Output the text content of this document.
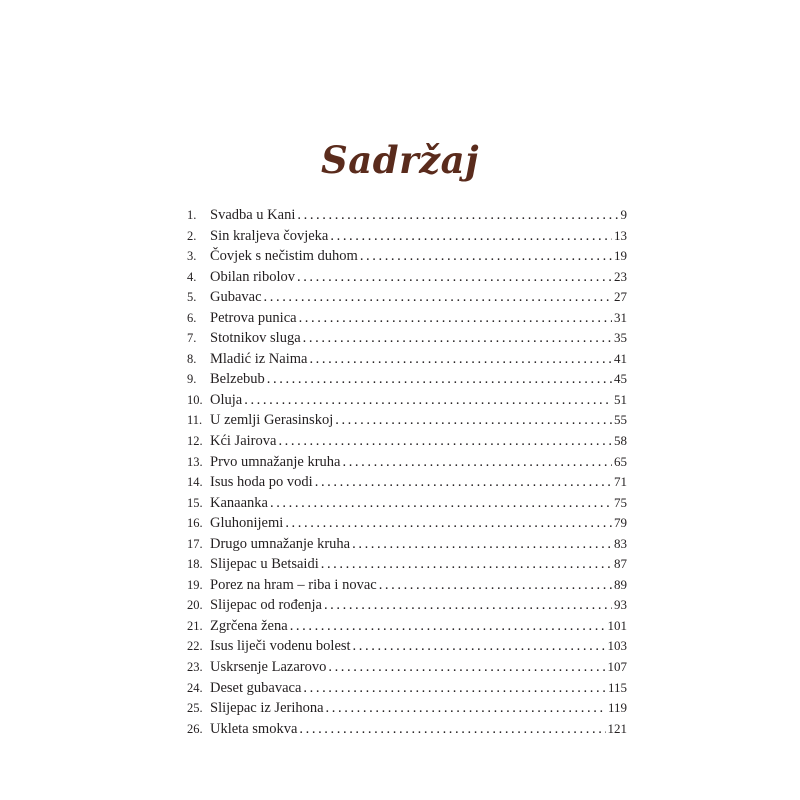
Sadržaj
1. Svadba u Kani .....	9
2. Sin kraljeva čovjeka .....	13
3. Čovjek s nečistim duhom .....	19
4. Obilan ribolov .....	23
5. Gubavac .....	27
6. Petrova punica .....	31
7. Stotnikov sluga .....	35
8. Mladić iz Naima .....	41
9. Belzebub .....	45
10. Oluja .....	51
11. U zemlji Gerasinskoj .....	55
12. Kći Jairova .....	58
13. Prvo umnažanje kruha .....	65
14. Isus hoda po vodi .....	71
15. Kanaanka .....	75
16. Gluhonijemi .....	79
17. Drugo umnažanje kruha .....	83
18. Slijepac u Betsaidi .....	87
19. Porez na hram – riba i novac .....	89
20. Slijepac od rođenja .....	93
21. Zgrčena žena .....	101
22. Isus liječi vodenu bolest .....	103
23. Uskrsenje Lazarovo .....	107
24. Deset gubavaca .....	115
25. Slijepac iz Jerihona .....	119
26. Ukleta smokva .....	121
